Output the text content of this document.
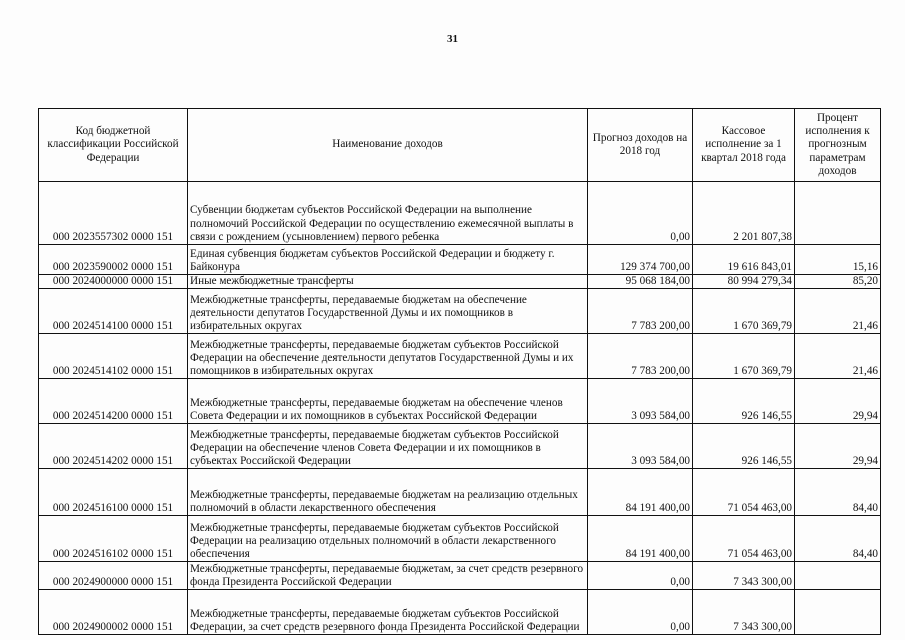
31
Код бюджетной классификации Российской Федерации	Наименование доходов	Прогноз доходов на 2018 год	Кассовое исполнение за 1 квартал 2018 года	Процент исполнения к прогнозным параметрам доходов
000 2023557302 0000 151	Субвенции бюджетам субъектов Российской Федерации на выполнение полномочий Российской Федерации по осуществлению ежемесячной выплаты в связи с рождением (усыновлением) первого ребенка	0,00	2 201 807,38	
000 2023590002 0000 151	Единая субвенция бюджетам субъектов Российской Федерации и бюджету г. Байконура	129 374 700,00	19 616 843,01	15,16
000 2024000000 0000 151	Иные межбюджетные трансферты	95 068 184,00	80 994 279,34	85,20
000 2024514100 0000 151	Межбюджетные трансферты, передаваемые бюджетам на обеспечение деятельности депутатов Государственной Думы и их помощников в избирательных округах	7 783 200,00	1 670 369,79	21,46
000 2024514102 0000 151	Межбюджетные трансферты, передаваемые бюджетам субъектов Российской Федерации на обеспечение деятельности депутатов Государственной Думы и их помощников в избирательных округах	7 783 200,00	1 670 369,79	21,46
000 2024514200 0000 151	Межбюджетные трансферты, передаваемые бюджетам на обеспечение членов Совета Федерации и их помощников в субъектах Российской Федерации	3 093 584,00	926 146,55	29,94
000 2024514202 0000 151	Межбюджетные трансферты, передаваемые бюджетам субъектов Российской Федерации на обеспечение членов Совета Федерации и их помощников в субъектах Российской Федерации	3 093 584,00	926 146,55	29,94
000 2024516100 0000 151	Межбюджетные трансферты, передаваемые бюджетам на реализацию отдельных полномочий в области лекарственного обеспечения	84 191 400,00	71 054 463,00	84,40
000 2024516102 0000 151	Межбюджетные трансферты, передаваемые бюджетам субъектов Российской Федерации на реализацию отдельных полномочий в области лекарственного обеспечения	84 191 400,00	71 054 463,00	84,40
000 2024900000 0000 151	Межбюджетные трансферты, передаваемые бюджетам, за счет средств резервного фонда Президента Российской Федерации	0,00	7 343 300,00	
000 2024900002 0000 151	Межбюджетные трансферты, передаваемые бюджетам субъектов Российской Федерации, за счет средств резервного фонда Президента Российской Федерации	0,00	7 343 300,00	
